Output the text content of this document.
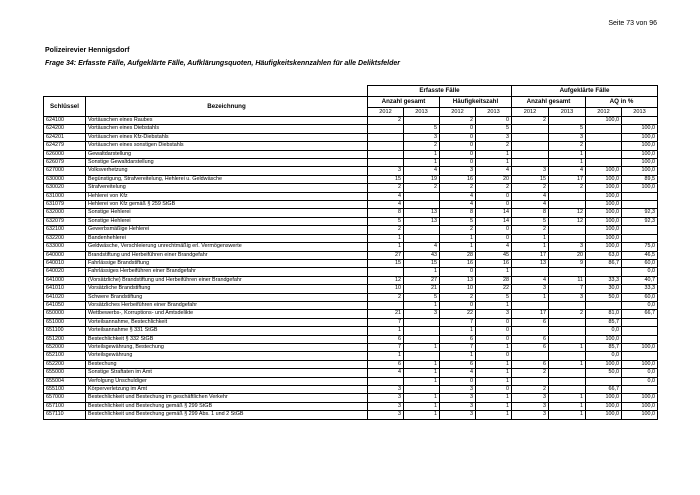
Seite 73 von 96
Polizeirevier Hennigsdorf
Frage 34: Erfasste Fälle, Aufgeklärte Fälle, Aufklärungsquoten, Häufigkeitskennzahlen für alle Deliktsfelder
		Erfasste Fälle				Aufgeklärte Fälle			
Schlüssel	Bezeichnung	Anzahl gesamt		Häufigkeitszahl		Anzahl gesamt		AQ in %	
		2012	2013	2012	2013	2012	2013	2012	2013
624100	Vortäuschen eines Raubes	2		2	0	2		100,0	
624200	Vortäuschen eines Diebstahls		5	0	5		5		100,0
624201	Vortäuschen eines Kfz-Diebstahls		3	0	3		3		100,0
624279	Vortäuschen eines sonstigen Diebstahls		2	0	2		2		100,0
626000	Gewaltdarstellung		1	0	1		1		100,0
626079	Sonstige Gewaltdarstellung		1	0	1		1		100,0
627000	Volksverhetzung	3	4	3	4	3	4	100,0	100,0
630000	Begünstigung, Strafvereitelung, Hehlerei u. Geldwäsche	15	19	16	20	15	17	100,0	89,5
630020	Strafvereitelung	2	2	2	2	2	2	100,0	100,0
631000	Hehlerei von Kfz	4		4	0	4		100,0	
631079	Hehlerei von Kfz gemäß § 259 StGB	4		4	0	4		100,0	
632000	Sonstige Hehlerei	8	13	8	14	8	12	100,0	92,3
632079	Sonstige Hehlerei	5	13	5	14	5	12	100,0	92,3
632100	Gewerbsmäßige Hehlerei	2		2	0	2		100,0	
632200	Bandenhehlerei	1		1	0	1		100,0	
633000	Geldwäsche, Verschleierung unrechtmäßig erl. Vermögenswerte	1	4	1	4	1	3	100,0	75,0
640000	Brandstiftung und Herbeiführen einer Brandgefahr	27	43	28	45	17	20	63,0	46,5
640010	Fahrlässige Brandstiftung	15	15	16	16	13	9	86,7	60,0
640020	Fahrlässiges Herbeiführen einer Brandgefahr		1	0	1				0,0
641000	(Vorsätzliche) Brandstiftung und Herbeiführen einer Brandgefahr	12	27	13	28	4	11	33,3	40,7
641010	Vorsätzliche Brandstiftung	10	21	10	22	3	7	30,0	33,3
641020	Schwere Brandstiftung	2	5	2	5	1	3	50,0	60,0
641050	Vorsätzliches Herbeiführen einer Brandgefahr		1	0	1				0,0
650000	Wettbewerbs-, Korruptions- und Amtsdelikte	21	3	22	3	17	2	81,0	66,7
651000	Vorteilsannahme, Bestechlichkeit	7		7	0	6		85,7	
651100	Vorteilsannahme § 331 StGB	1		1	0			0,0	
651200	Bestechlichkeit § 332 StGB	6		6	0	6		100,0	
652000	Vorteilsgewährung, Bestechung	7	1	7	1	6	1	85,7	100,0
652100	Vorteilsgewährung	1		1	0			0,0	
652200	Bestechung	6	1	6	1	6	1	100,0	100,0
655000	Sonstige Straftaten im Amt	4	1	4	1	2		50,0	0,0
655004	Verfolgung Unschuldiger		1	0	1				0,0
655100	Körperverletzung im Amt	3		3	0	2		66,7	
657000	Bestechlichkeit und Bestechung im geschäftlichen Verkehr	3	1	3	1	3	1	100,0	100,0
657100	Bestechlichkeit und Bestechung gemäß § 299 StGB	3	1	3	1	3	1	100,0	100,0
657110	Bestechlichkeit und Bestechung gemäß § 299 Abs. 1 und 2 StGB	3	1	3	1	3	1	100,0	100,0
